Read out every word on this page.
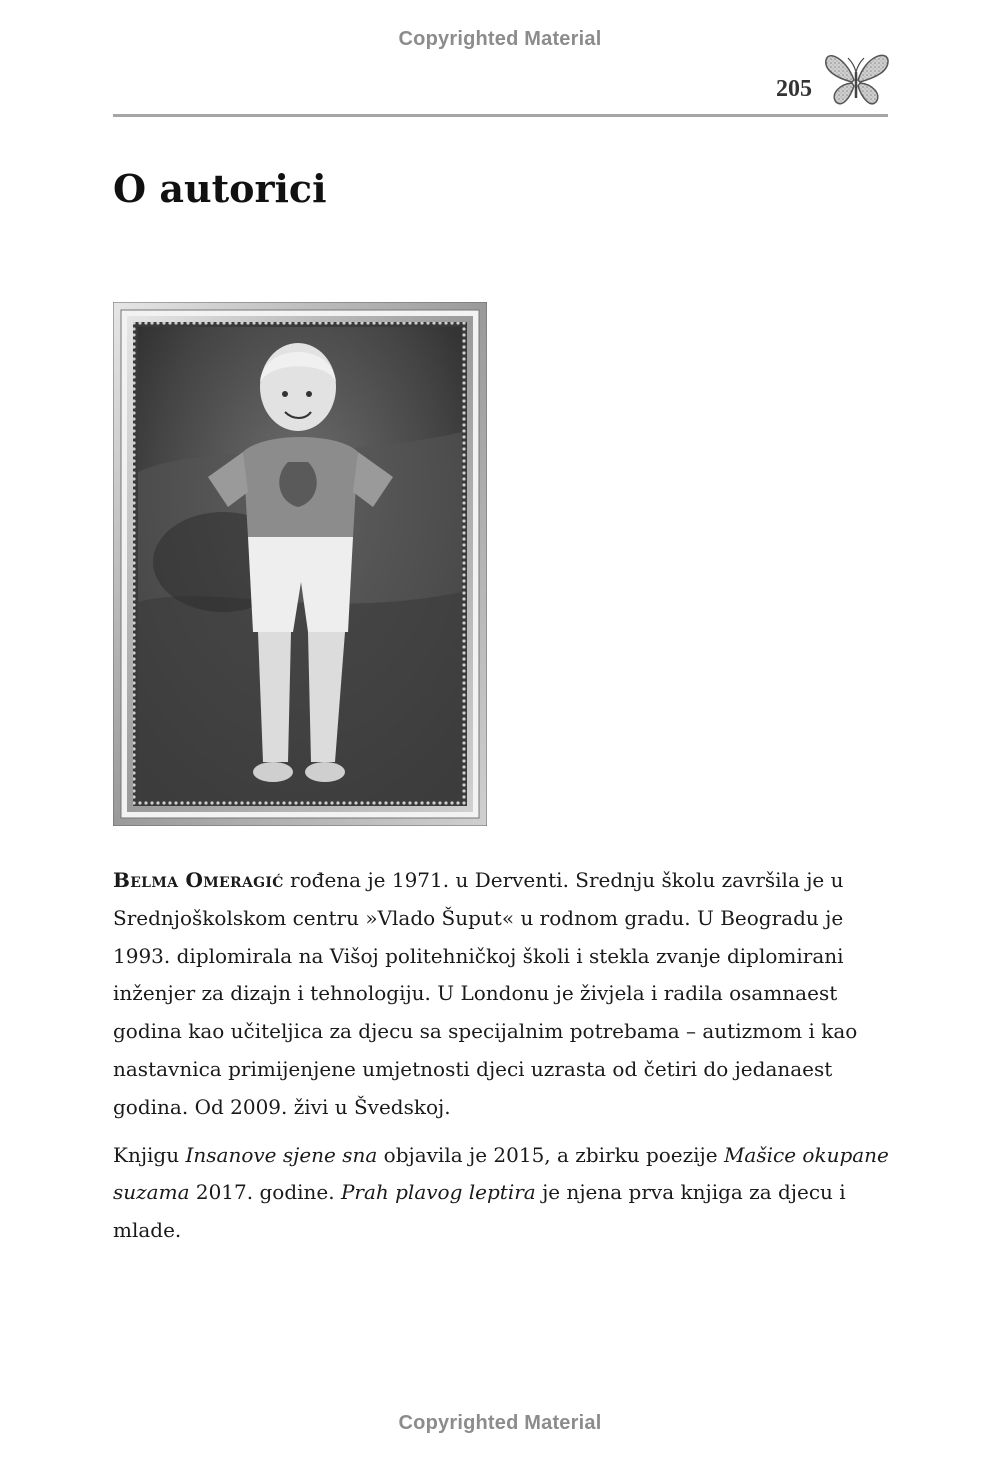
Copyrighted Material
205
O autorici

Belma Omeragić rođena je 1971. u Derventi. Srednju školu završila je u Srednjoškolskom centru »Vlado Šuput« u rodnom gradu. U Beogradu je 1993. diplomirala na Višoj politehničkoj školi i stekla zvanje diplomirani inženjer za dizajn i tehnologiju. U Londonu je živjela i radila osamnaest godina kao učiteljica za djecu sa specijalnim potrebama – autizmom i kao nastavnica primijenjene umjetnosti djeci uzrasta od četiri do jedanaest godina. Od 2009. živi u Švedskoj.

Knjigu Insanove sjene sna objavila je 2015, a zbirku poezije Mašice okupane suzama 2017. godine. Prah plavog leptira je njena prva knjiga za djecu i mlade.

Copyrighted Material
